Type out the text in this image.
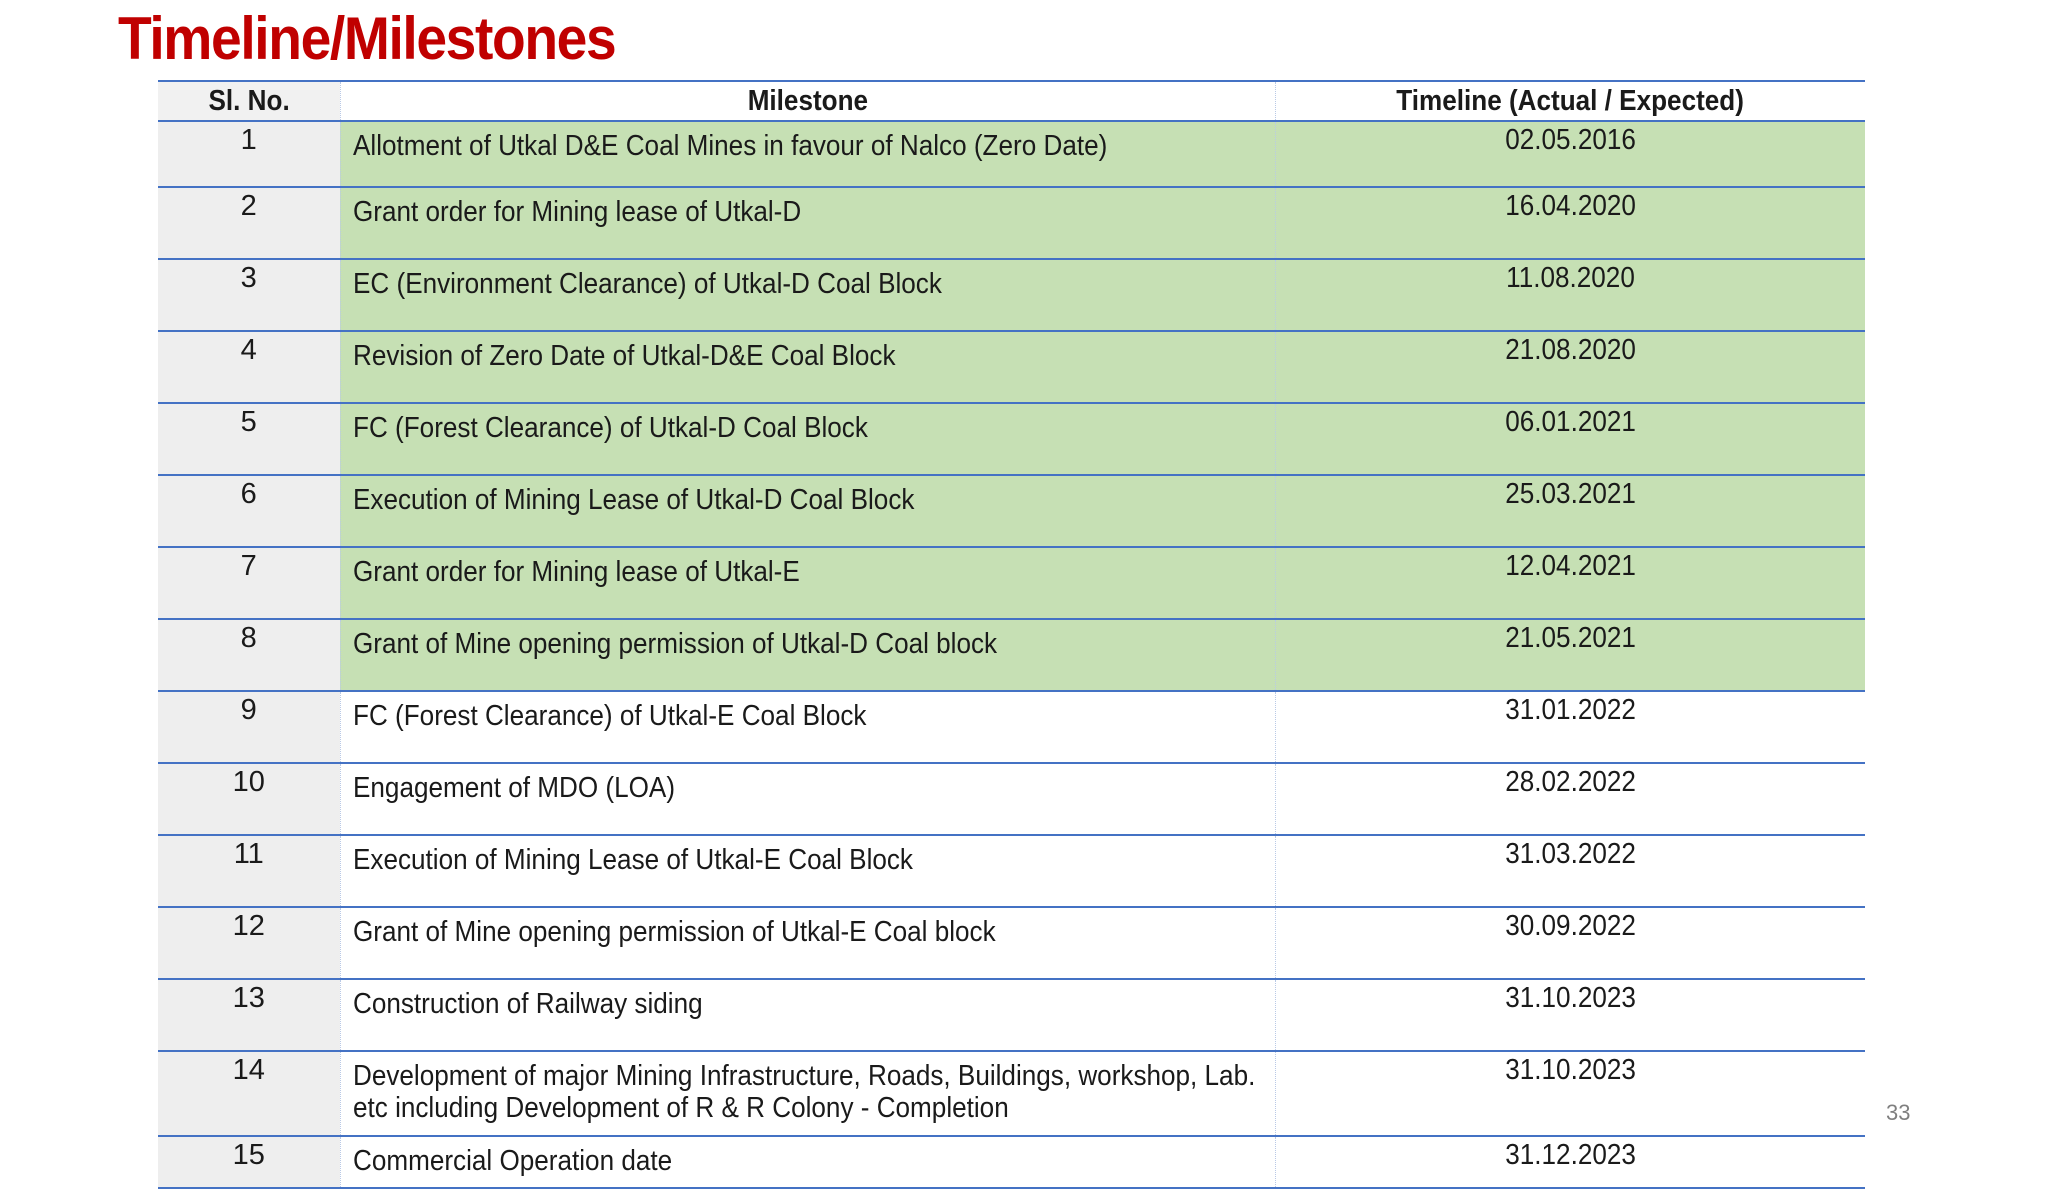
Timeline/Milestones
Sl. No.	Milestone	Timeline (Actual / Expected)
1	Allotment of Utkal D&E Coal Mines in favour of Nalco (Zero Date)	02.05.2016
2	Grant order for Mining lease of Utkal-D	16.04.2020
3	EC (Environment Clearance) of Utkal-D Coal Block	11.08.2020
4	Revision of Zero Date of Utkal-D&E Coal Block	21.08.2020
5	FC (Forest Clearance) of Utkal-D Coal Block	06.01.2021
6	Execution of Mining Lease of Utkal-D Coal Block	25.03.2021
7	Grant order for Mining lease of Utkal-E	12.04.2021
8	Grant of Mine opening permission of Utkal-D Coal block	21.05.2021
9	FC (Forest Clearance) of Utkal-E Coal Block	31.01.2022
10	Engagement of MDO (LOA)	28.02.2022
11	Execution of Mining Lease of Utkal-E Coal Block	31.03.2022
12	Grant of Mine opening permission of Utkal-E Coal block	30.09.2022
13	Construction of Railway siding	31.10.2023
14	Development of major Mining Infrastructure, Roads, Buildings, workshop, Lab. etc including Development of R & R Colony - Completion	31.10.2023
15	Commercial Operation date	31.12.2023
33
